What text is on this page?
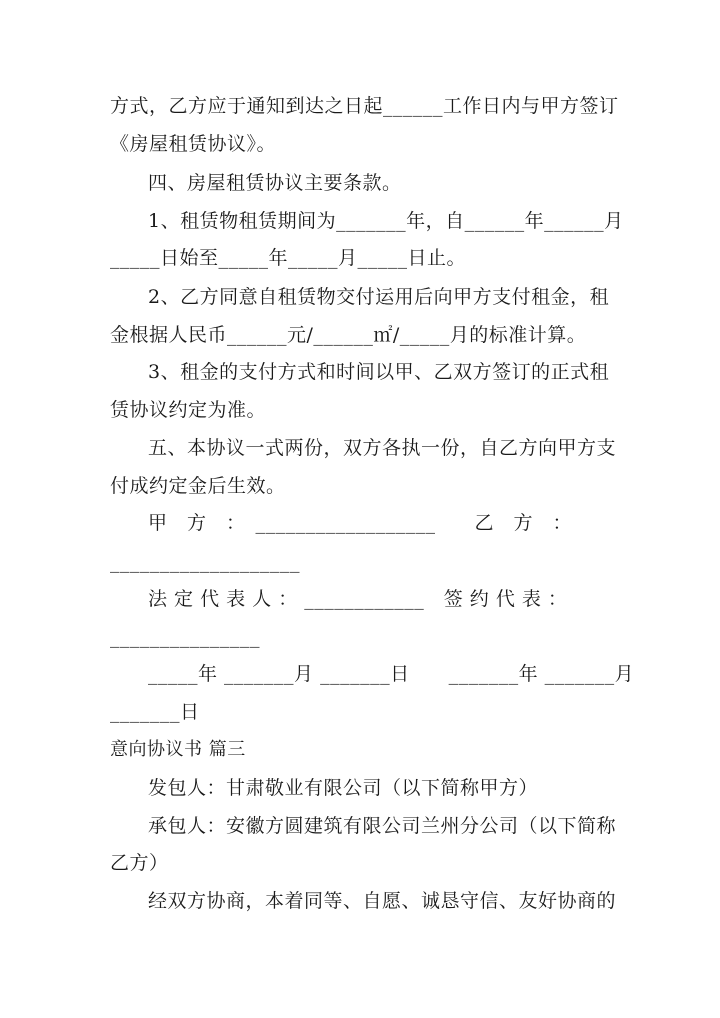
方式，乙方应于通知到达之日起______工作日内与甲方签订
《房屋租赁协议》。
四、房屋租赁协议主要条款。
1、租赁物租赁期间为_______年，自______年______月
_____日始至_____年_____月_____日止。
2、乙方同意自租赁物交付运用后向甲方支付租金，租
金根据人民币______元/______㎡/_____月的标准计算。
3、租金的支付方式和时间以甲、乙双方签订的正式租
赁协议约定为准。
五、本协议一式两份，双方各执一份，自乙方向甲方支
付成约定金后生效。
甲　方　：　__________________　　乙　方　：
___________________
法 定 代 表 人 ： ____________　签 约 代 表 ：
_______________
_____年 _______月 _______日　　_______年 _______月
_______日
意向协议书 篇三
发包人：甘肃敬业有限公司（以下简称甲方）
承包人：安徽方圆建筑有限公司兰州分公司（以下简称
乙方）
经双方协商，本着同等、自愿、诚恳守信、友好协商的
